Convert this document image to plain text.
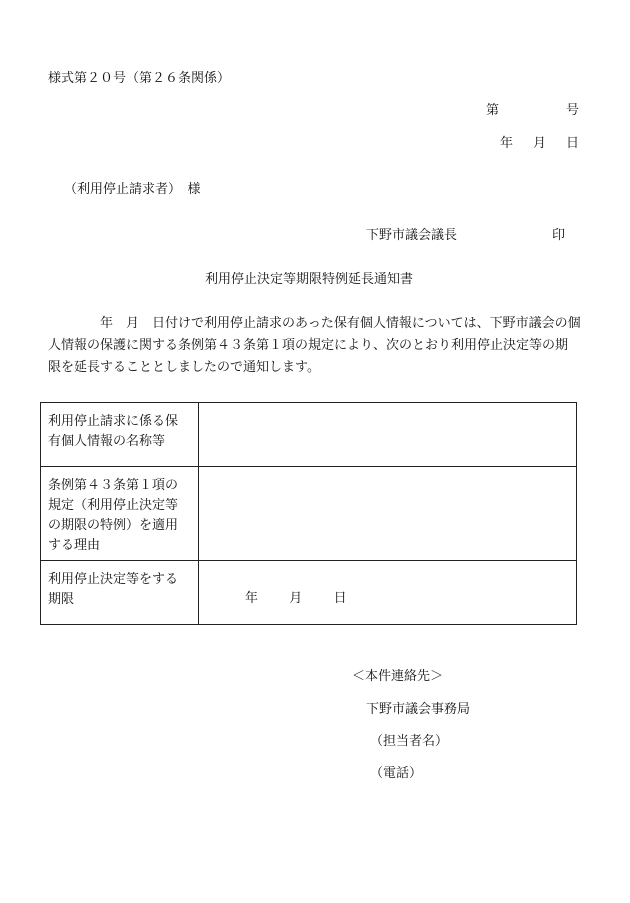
様式第２０号（第２６条関係）
第	号
年 月 日
（利用停止請求者）　様
下野市議会議長	印
利用停止決定等期限特例延長通知書
　　　　年　月　日付けで利用停止請求のあった保有個人情報については、下野市議会の個
人情報の保護に関する条例第４３条第１項の規定により、次のとおり利用停止決定等の期
限を延長することとしましたので通知します。
利用停止請求に係る保
有個人情報の名称等	

条例第４３条第１項の
規定（利用停止決定等
の期限の特例）を適用
する理由	

利用停止決定等をする
期限	年 月 日
＜本件連絡先＞
下野市議会事務局
（担当者名）
（電話）
